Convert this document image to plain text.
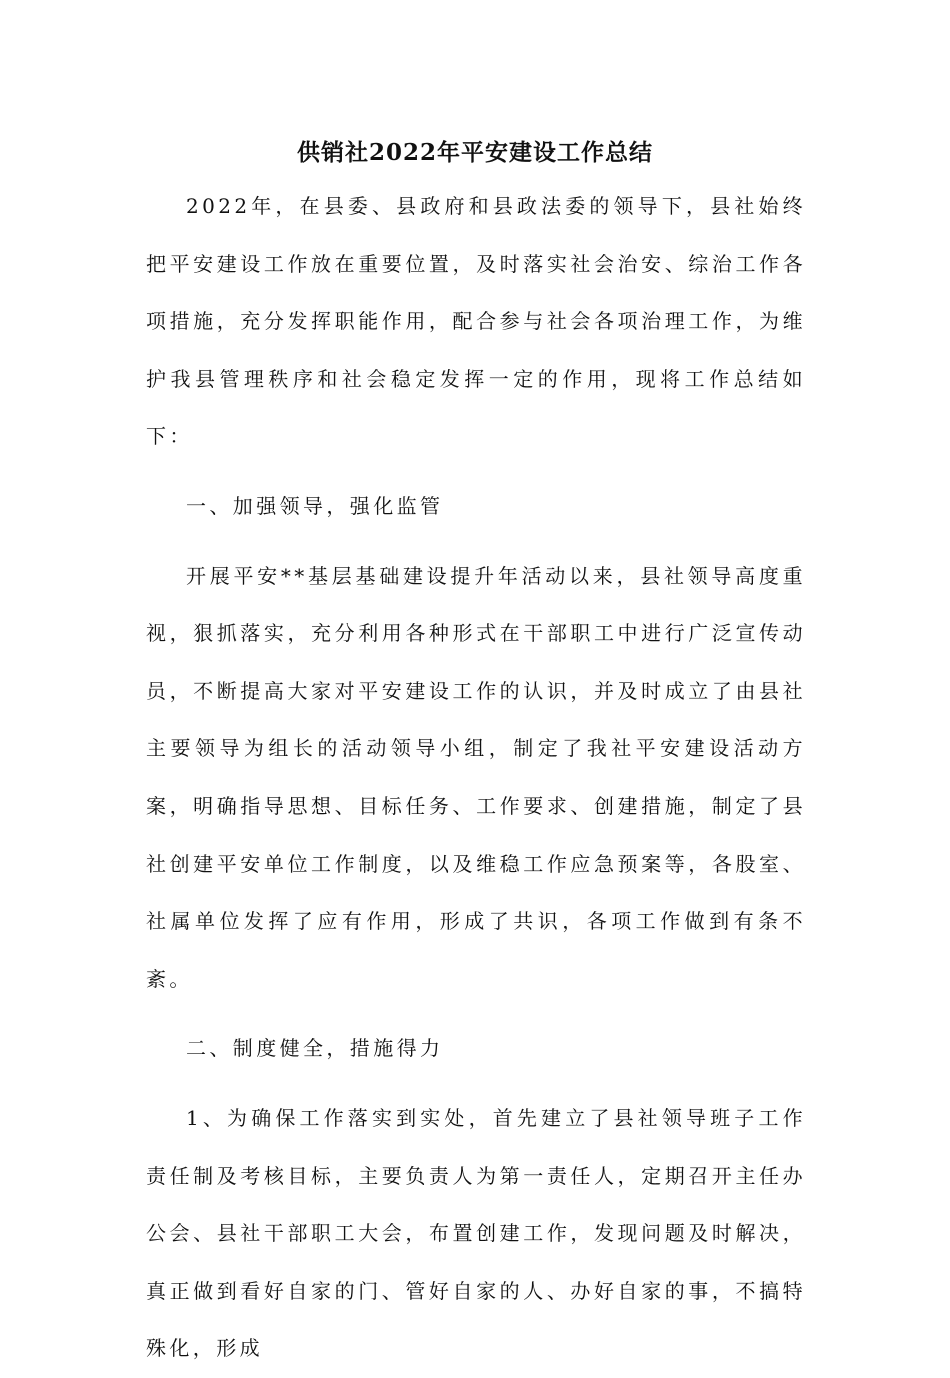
供销社2022年平安建设工作总结

2022年，在县委、县政府和县政法委的领导下，县社始终把平安建设工作放在重要位置，及时落实社会治安、综治工作各项措施，充分发挥职能作用，配合参与社会各项治理工作，为维护我县管理秩序和社会稳定发挥一定的作用，现将工作总结如下：

一、加强领导，强化监管

开展平安**基层基础建设提升年活动以来，县社领导高度重视，狠抓落实，充分利用各种形式在干部职工中进行广泛宣传动员，不断提高大家对平安建设工作的认识，并及时成立了由县社主要领导为组长的活动领导小组，制定了我社平安建设活动方案，明确指导思想、目标任务、工作要求、创建措施，制定了县社创建平安单位工作制度，以及维稳工作应急预案等，各股室、社属单位发挥了应有作用，形成了共识，各项工作做到有条不紊。

二、制度健全，措施得力

1、为确保工作落实到实处，首先建立了县社领导班子工作责任制及考核目标，主要负责人为第一责任人，定期召开主任办公会、县社干部职工大会，布置创建工作，发现问题及时解决，真正做到看好自家的门、管好自家的人、办好自家的事，不搞特殊化，形成
